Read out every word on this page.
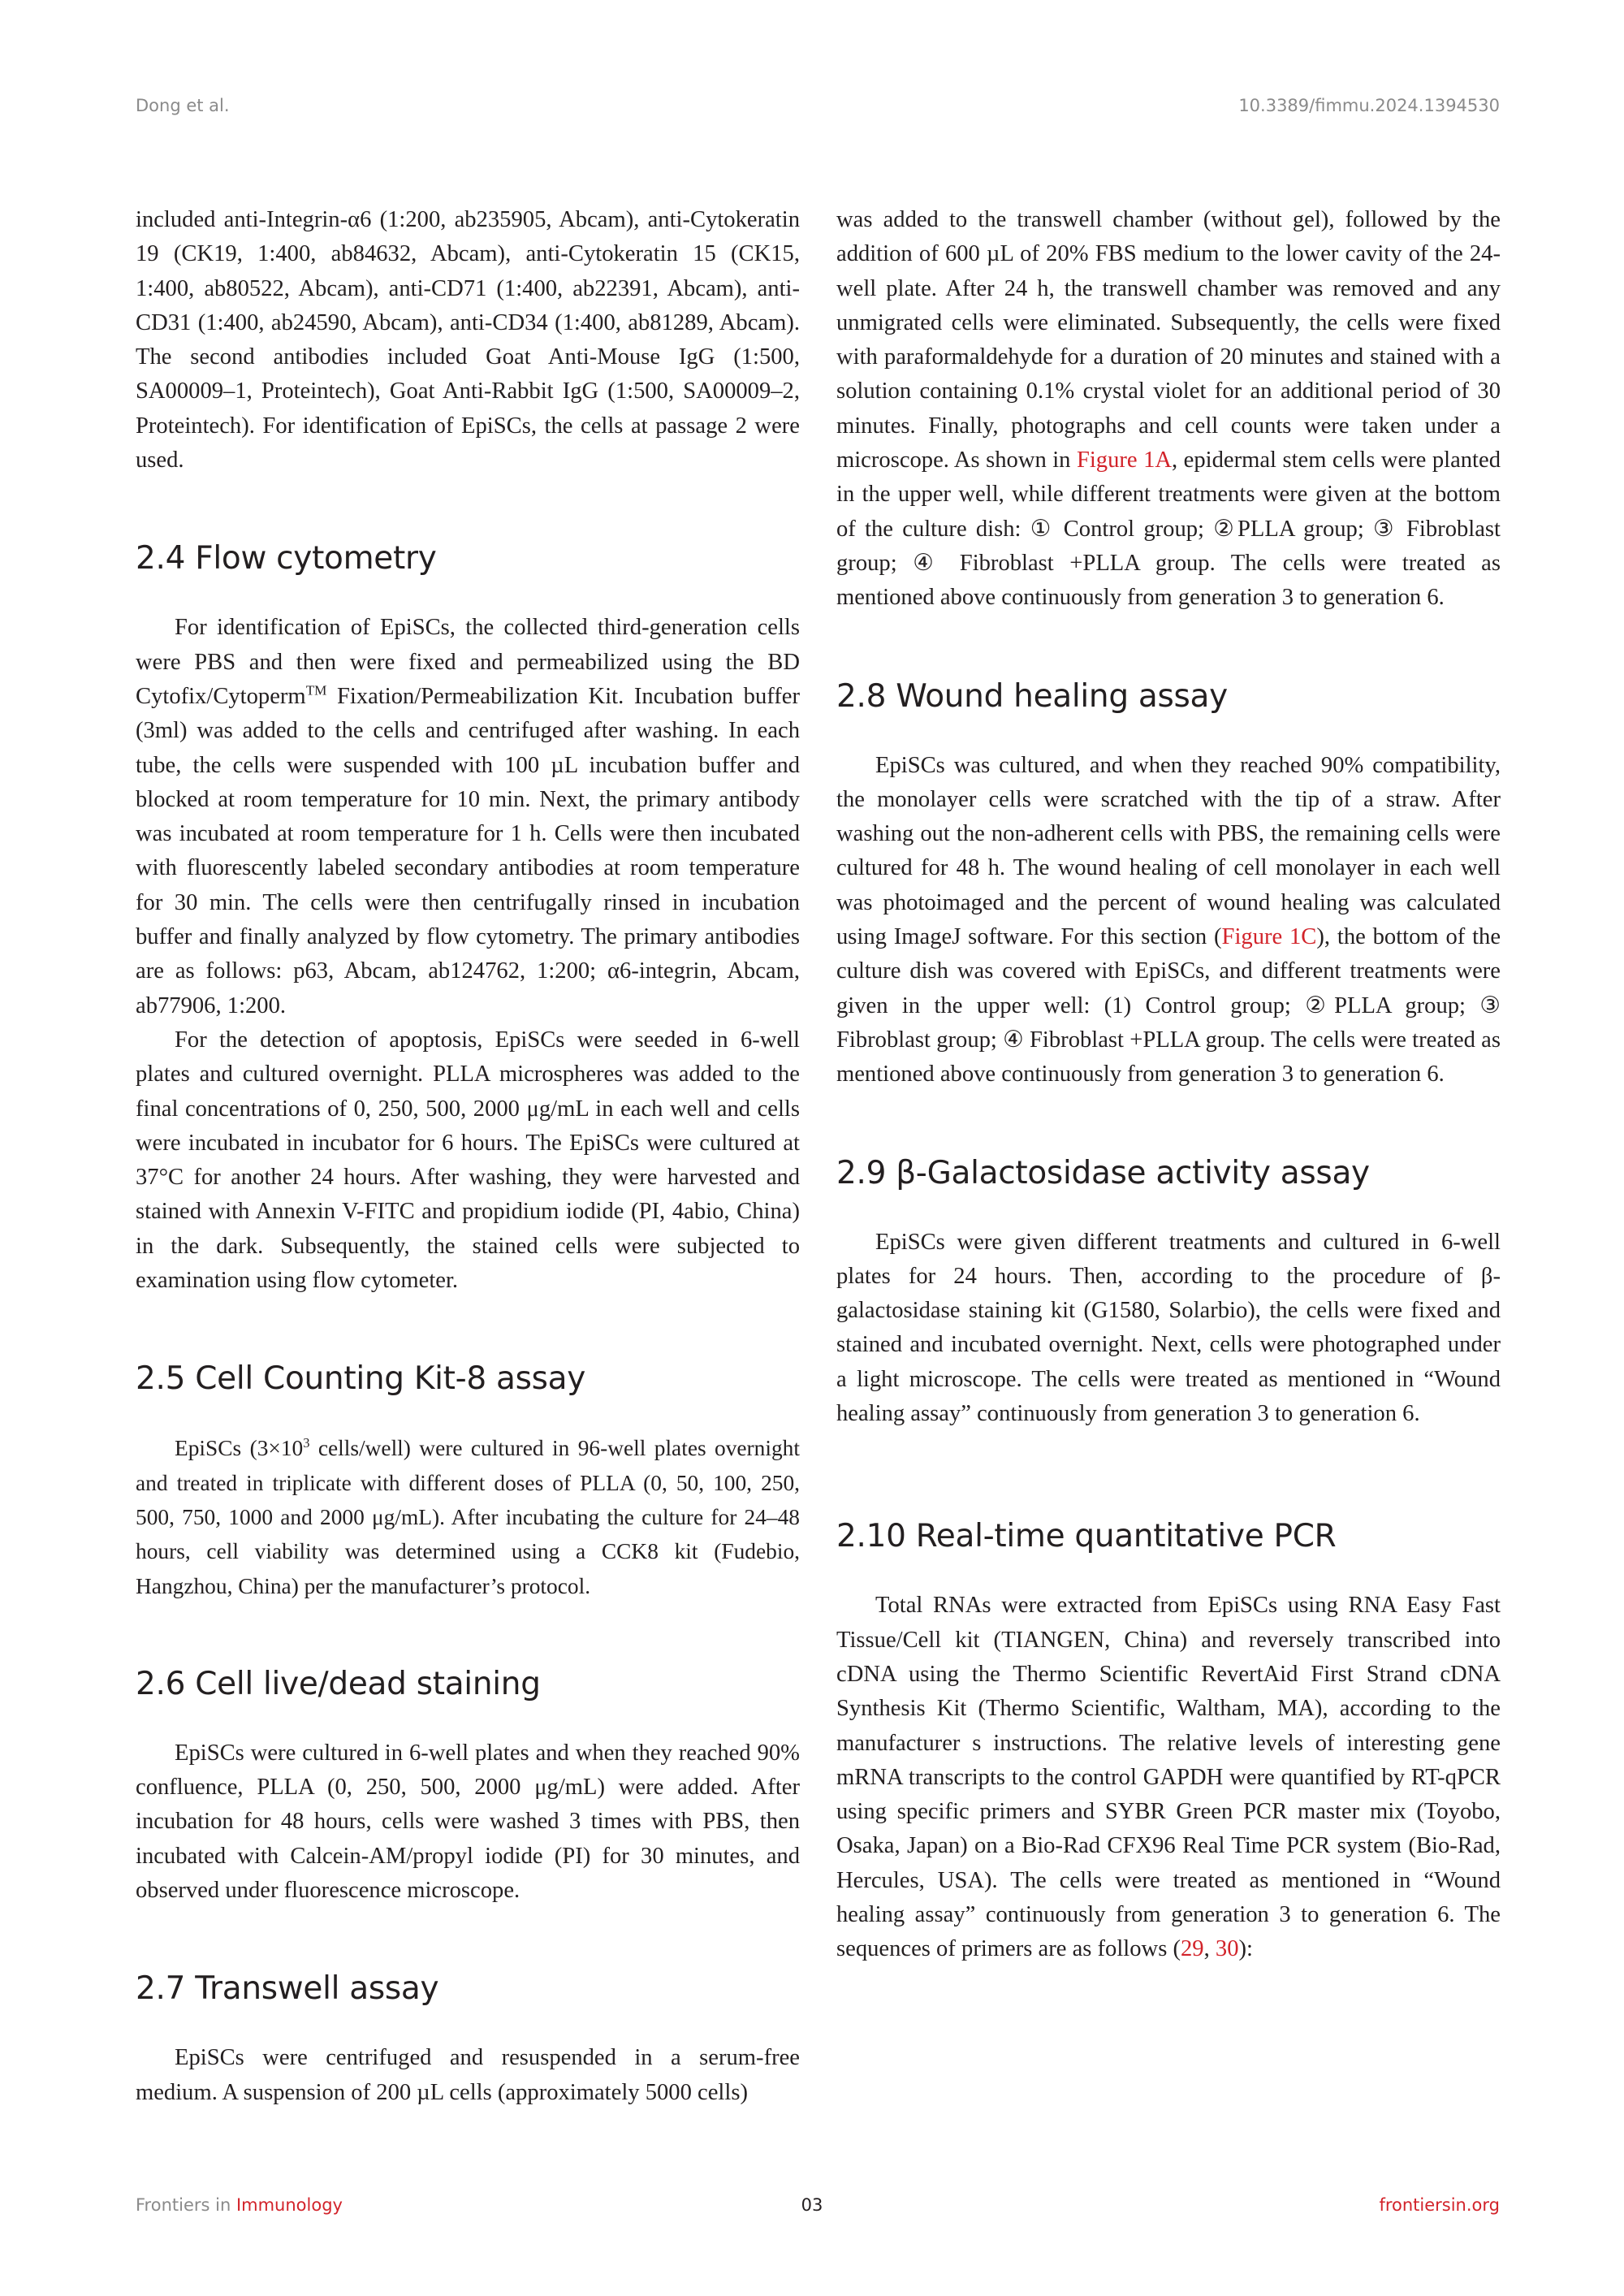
Dong et al.	10.3389/fimmu.2024.1394530

included anti-Integrin-α6 (1:200, ab235905, Abcam), anti-Cytokeratin 19 (CK19, 1:400, ab84632, Abcam), anti-Cytokeratin 15 (CK15, 1:400, ab80522, Abcam), anti-CD71 (1:400, ab22391, Abcam), anti-CD31 (1:400, ab24590, Abcam), anti-CD34 (1:400, ab81289, Abcam). The second antibodies included Goat Anti-Mouse IgG (1:500, SA00009–1, Proteintech), Goat Anti-Rabbit IgG (1:500, SA00009–2, Proteintech). For identification of EpiSCs, the cells at passage 2 were used.

2.4 Flow cytometry

For identification of EpiSCs, the collected third-generation cells were PBS and then were fixed and permeabilized using the BD Cytofix/Cytoperm™ Fixation/Permeabilization Kit. Incubation buffer (3ml) was added to the cells and centrifuged after washing. In each tube, the cells were suspended with 100 µL incubation buffer and blocked at room temperature for 10 min. Next, the primary antibody was incubated at room temperature for 1 h. Cells were then incubated with fluorescently labeled secondary antibodies at room temperature for 30 min. The cells were then centrifugally rinsed in incubation buffer and finally analyzed by flow cytometry. The primary antibodies are as follows: p63, Abcam, ab124762, 1:200; α6-integrin, Abcam, ab77906, 1:200.

For the detection of apoptosis, EpiSCs were seeded in 6-well plates and cultured overnight. PLLA microspheres was added to the final concentrations of 0, 250, 500, 2000 μg/mL in each well and cells were incubated in incubator for 6 hours. The EpiSCs were cultured at 37°C for another 24 hours. After washing, they were harvested and stained with Annexin V-FITC and propidium iodide (PI, 4abio, China) in the dark. Subsequently, the stained cells were subjected to examination using flow cytometer.

2.5 Cell Counting Kit-8 assay

EpiSCs ($3\times 10^3$ cells/well) were cultured in 96-well plates overnight and treated in triplicate with different doses of PLLA (0, 50, 100, 250, 500, 750, 1000 and 2000 μg/mL). After incubating the culture for 24–48 hours, cell viability was determined using a CCK8 kit (Fudebio, Hangzhou, China) per the manufacturer’s protocol.

2.6 Cell live/dead staining

EpiSCs were cultured in 6-well plates and when they reached 90% confluence, PLLA (0, 250, 500, 2000 μg/mL) were added. After incubation for 48 hours, cells were washed 3 times with PBS, then incubated with Calcein-AM/propyl iodide (PI) for 30 minutes, and observed under fluorescence microscope.

2.7 Transwell assay

EpiSCs were centrifuged and resuspended in a serum-free medium. A suspension of 200 µL cells (approximately 5000 cells)

was added to the transwell chamber (without gel), followed by the addition of 600 µL of 20% FBS medium to the lower cavity of the 24-well plate. After 24 h, the transwell chamber was removed and any unmigrated cells were eliminated. Subsequently, the cells were fixed with paraformaldehyde for a duration of 20 minutes and stained with a solution containing 0.1% crystal violet for an additional period of 30 minutes. Finally, photographs and cell counts were taken under a microscope. As shown in Figure 1A, epidermal stem cells were planted in the upper well, while different treatments were given at the bottom of the culture dish: ① Control group; ②PLLA group; ③ Fibroblast group; ④ Fibroblast +PLLA group. The cells were treated as mentioned above continuously from generation 3 to generation 6.

2.8 Wound healing assay

EpiSCs was cultured, and when they reached 90% compatibility, the monolayer cells were scratched with the tip of a straw. After washing out the non-adherent cells with PBS, the remaining cells were cultured for 48 h. The wound healing of cell monolayer in each well was photoimaged and the percent of wound healing was calculated using ImageJ software. For this section (Figure 1C), the bottom of the culture dish was covered with EpiSCs, and different treatments were given in the upper well: (1) Control group; ②PLLA group; ③ Fibroblast group; ④ Fibroblast +PLLA group. The cells were treated as mentioned above continuously from generation 3 to generation 6.

2.9 β-Galactosidase activity assay

EpiSCs were given different treatments and cultured in 6-well plates for 24 hours. Then, according to the procedure of β-galactosidase staining kit (G1580, Solarbio), the cells were fixed and stained and incubated overnight. Next, cells were photographed under a light microscope. The cells were treated as mentioned in “Wound healing assay” continuously from generation 3 to generation 6.

2.10 Real-time quantitative PCR

Total RNAs were extracted from EpiSCs using RNA Easy Fast Tissue/Cell kit (TIANGEN, China) and reversely transcribed into cDNA using the Thermo Scientific RevertAid First Strand cDNA Synthesis Kit (Thermo Scientific, Waltham, MA), according to the manufacturer s instructions. The relative levels of interesting gene mRNA transcripts to the control GAPDH were quantified by RT-qPCR using specific primers and SYBR Green PCR master mix (Toyobo, Osaka, Japan) on a Bio-Rad CFX96 Real Time PCR system (Bio-Rad, Hercules, USA). The cells were treated as mentioned in “Wound healing assay” continuously from generation 3 to generation 6. The sequences of primers are as follows (29, 30):

Frontiers in Immunology	03	frontiersin.org
